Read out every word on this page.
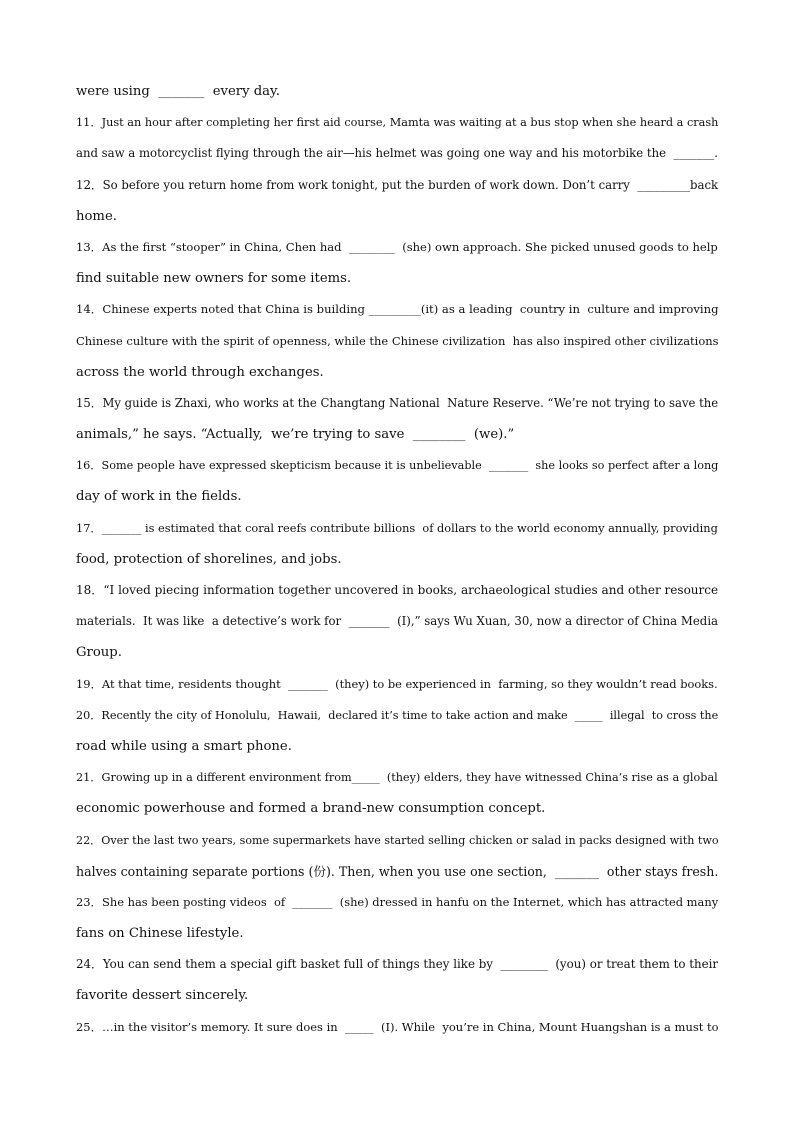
were using  _______  every day.
11．Just an hour after completing her first aid course, Mamta was waiting at a bus stop when she heard a crash
and saw a motorcyclist flying through the air—his helmet was going one way and his motorbike the  _______.
12．So before you return home from work tonight, put the burden of work down. Don’t carry  _________back
home.
13．As the first “stooper” in China, Chen had  ________  (she) own approach. She picked unused goods to help
find suitable new owners for some items.
14．Chinese experts noted that China is building _________(it) as a leading  country in  culture and improving
Chinese culture with the spirit of openness, while the Chinese civilization  has also inspired other civilizations
across the world through exchanges.
15．My guide is Zhaxi, who works at the Changtang National  Nature Reserve. “We’re not trying to save the
animals,” he says. “Actually,  we’re trying to save  ________  (we).”
16．Some people have expressed skepticism because it is unbelievable  _______  she looks so perfect after a long
day of work in the fields.
17．_______ is estimated that coral reefs contribute billions  of dollars to the world economy annually, providing
food, protection of shorelines, and jobs.
18．“I loved piecing information together uncovered in books, archaeological studies and other resource
materials.  It was like  a detective’s work for  _______  (I),” says Wu Xuan, 30, now a director of China Media
Group.
19．At that time, residents thought  _______  (they) to be experienced in  farming, so they wouldn’t read books.
20．Recently the city of Honolulu,  Hawaii,  declared it’s time to take action and make  _____  illegal  to cross the
road while using a smart phone.
21．Growing up in a different environment from_____  (they) elders, they have witnessed China’s rise as a global
economic powerhouse and formed a brand-new consumption concept.
22．Over the last two years, some supermarkets have started selling chicken or salad in packs designed with two
halves containing separate portions (份). Then, when you use one section,  _______  other stays fresh.
23．She has been posting videos  of  _______  (she) dressed in hanfu on the Internet, which has attracted many
fans on Chinese lifestyle.
24．You can send them a special gift basket full of things they like by  ________  (you) or treat them to their
favorite dessert sincerely.
25．…in the visitor’s memory. It sure does in  _____  (I). While  you’re in China, Mount Huangshan is a must to
